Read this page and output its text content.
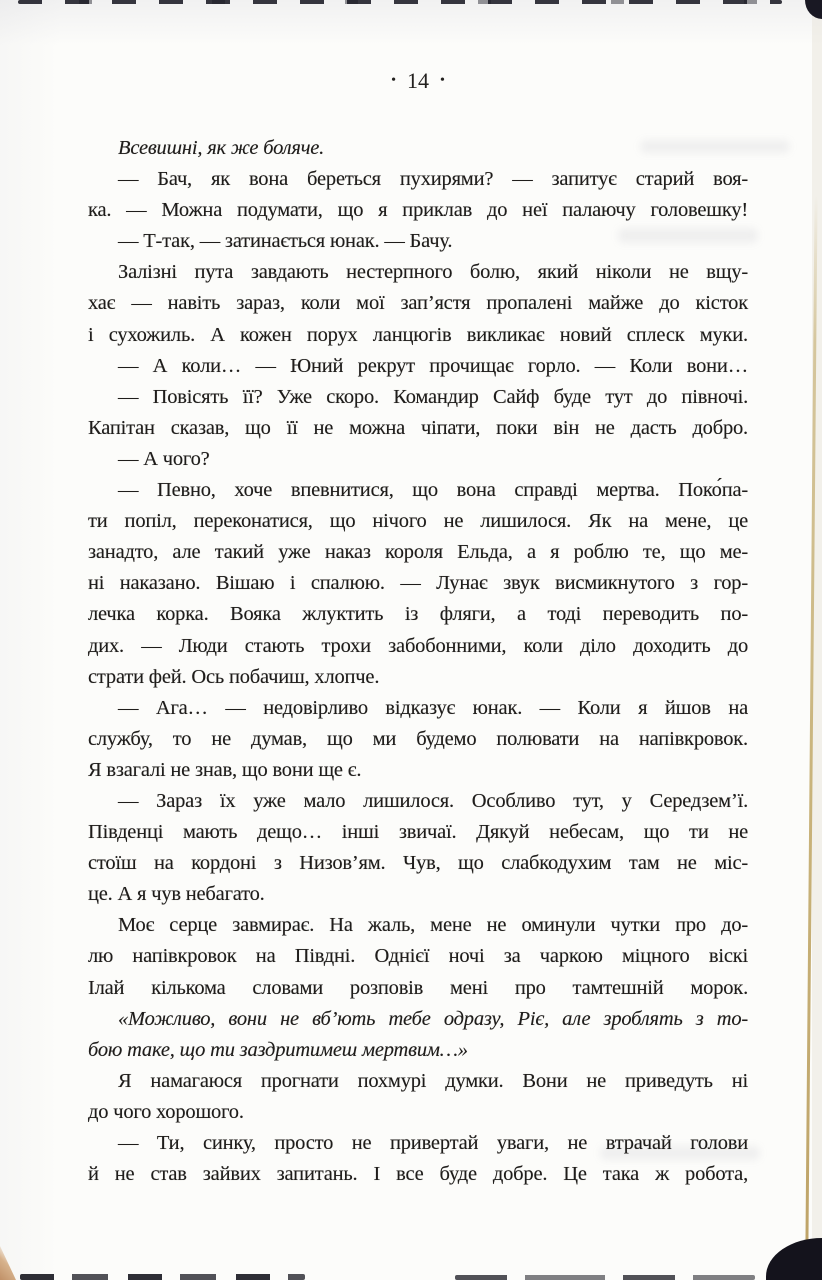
• 14 •
Всевишні, як же боляче.
— Бач, як вона береться пухирями? — запитує старий воя-
ка. — Можна подумати, що я приклав до неї палаючу головешку!
— Т-так, — затинається юнак. — Бачу.
Залізні пута завдають нестерпного болю, який ніколи не вщу-
хає — навіть зараз, коли мої зап’ястя пропалені майже до кісток
і сухожиль. А кожен порух ланцюгів викликає новий сплеск муки.
— А коли… — Юний рекрут прочищає горло. — Коли вони…
— Повісять її? Уже скоро. Командир Сайф буде тут до півночі.
Капітан сказав, що її не можна чіпати, поки він не дасть добро.
— А чого?
— Певно, хоче впевнитися, що вона справді мертва. Поко́па-
ти попіл, переконатися, що нічого не лишилося. Як на мене, це
занадто, але такий уже наказ короля Ельда, а я роблю те, що ме-
ні наказано. Вішаю і спалюю. — Лунає звук висмикнутого з гор-
лечка корка. Вояка жлуктить із фляги, а тоді переводить по-
дих. — Люди стають трохи забобонними, коли діло доходить до
страти фей. Ось побачиш, хлопче.
— Ага… — недовірливо відказує юнак. — Коли я йшов на
службу, то не думав, що ми будемо полювати на напівкровок.
Я взагалі не знав, що вони ще є.
— Зараз їх уже мало лишилося. Особливо тут, у Середзем’ї.
Південці мають дещо… інші звичаї. Дякуй небесам, що ти не
стоїш на кордоні з Низов’ям. Чув, що слабкодухим там не міс-
це. А я чув небагато.
Моє серце завмирає. На жаль, мене не оминули чутки про до-
лю напівкровок на Півдні. Однієї ночі за чаркою міцного віскі
Ілай кількома словами розповів мені про тамтешній морок.
«Можливо, вони не вб’ють тебе одразу, Ріє, але зроблять з то-
бою таке, що ти заздритимеш мертвим…»
Я намагаюся прогнати похмурі думки. Вони не приведуть ні
до чого хорошого.
— Ти, синку, просто не привертай уваги, не втрачай голови
й не став зайвих запитань. І все буде добре. Це така ж робота,
